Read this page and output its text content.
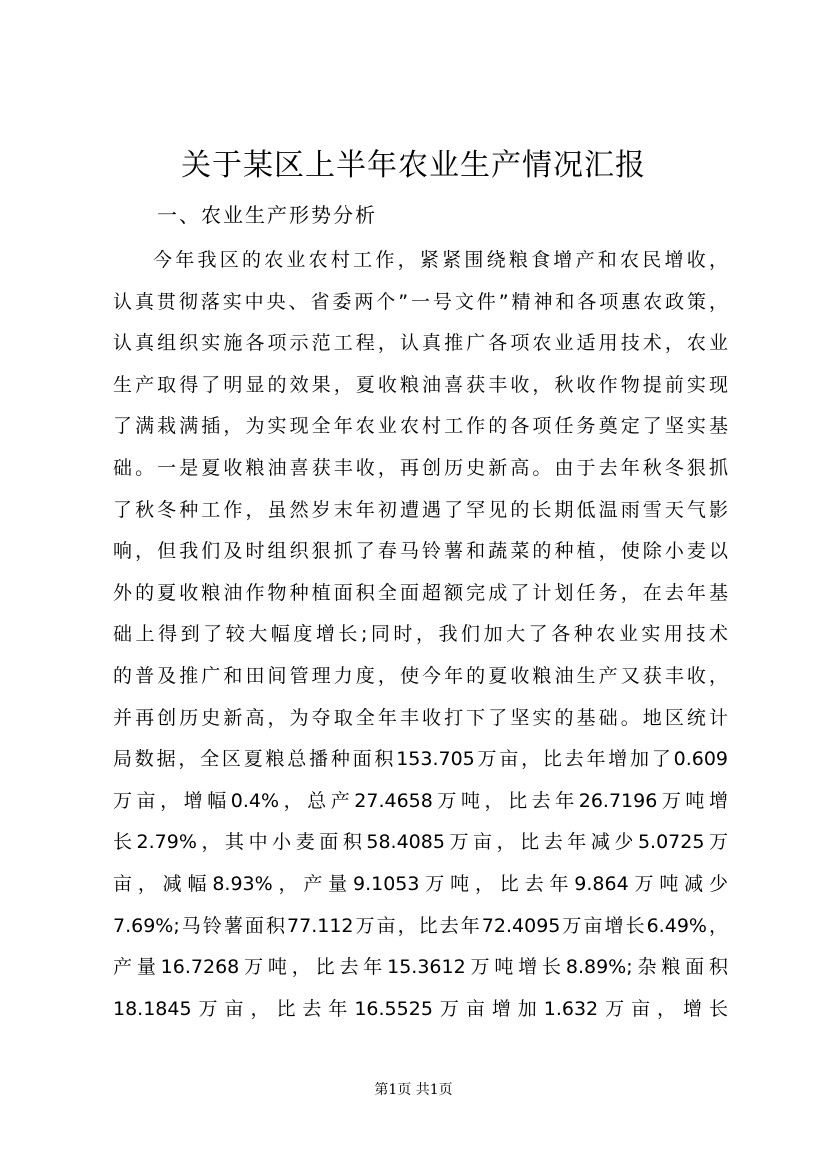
关于某区上半年农业生产情况汇报
一、农业生产形势分析
今年我区的农业农村工作，紧紧围绕粮食增产和农民增收，
认真贯彻落实中央、省委两个”一号文件”精神和各项惠农政策，
认真组织实施各项示范工程，认真推广各项农业适用技术，农业
生产取得了明显的效果，夏收粮油喜获丰收，秋收作物提前实现
了满栽满插，为实现全年农业农村工作的各项任务奠定了坚实基
础。一是夏收粮油喜获丰收，再创历史新高。由于去年秋冬狠抓
了秋冬种工作，虽然岁末年初遭遇了罕见的长期低温雨雪天气影
响，但我们及时组织狠抓了春马铃薯和蔬菜的种植，使除小麦以
外的夏收粮油作物种植面积全面超额完成了计划任务，在去年基
础上得到了较大幅度增长;同时，我们加大了各种农业实用技术
的普及推广和田间管理力度，使今年的夏收粮油生产又获丰收，
并再创历史新高，为夺取全年丰收打下了坚实的基础。地区统计
局数据，全区夏粮总播种面积153.705万亩，比去年增加了0.609
万亩，增幅0.4%，总产27.4658万吨，比去年26.7196万吨增
长2.79%，其中小麦面积58.4085万亩，比去年减少5.0725万
亩，减幅8.93%，产量9.1053万吨，比去年9.864万吨减少
7.69%;马铃薯面积77.112万亩，比去年72.4095万亩增长6.49%，
产量16.7268万吨，比去年15.3612万吨增长8.89%;杂粮面积
18.1845万亩，比去年16.5525万亩增加1.632万亩，增长
第1页 共1页
